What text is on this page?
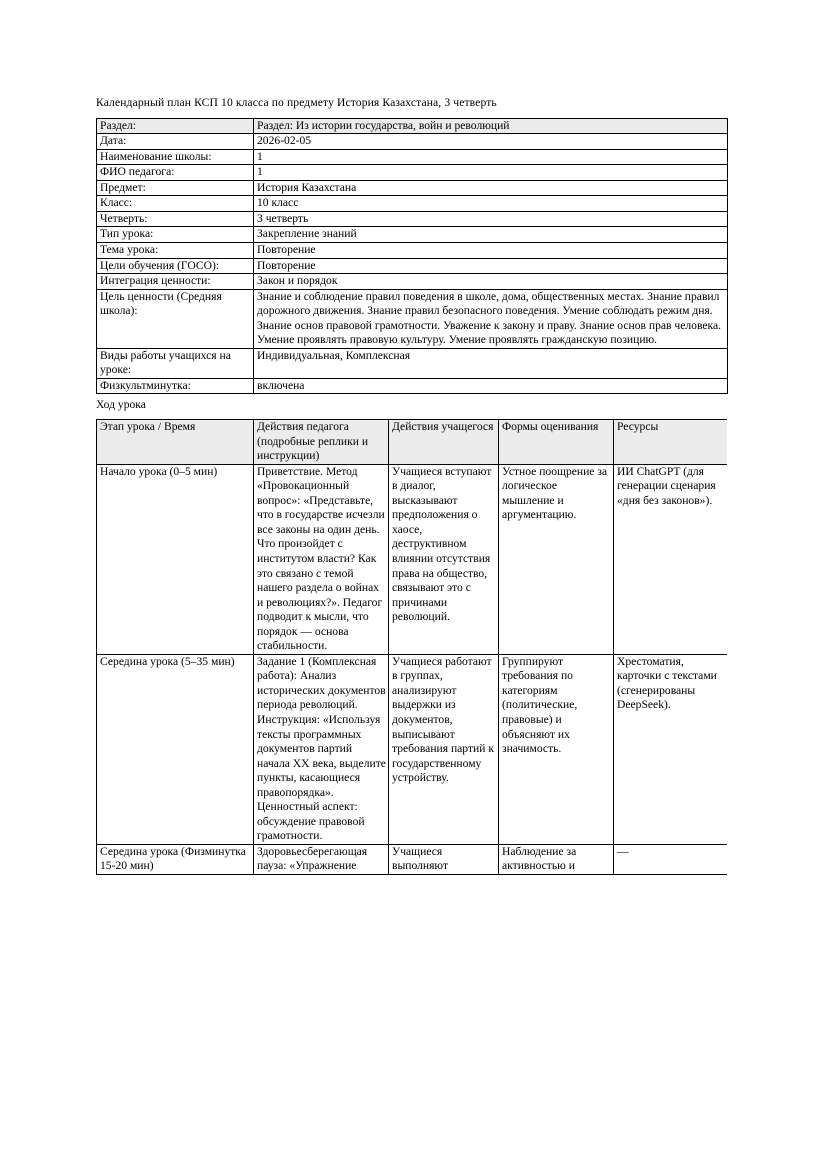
Календарный план КСП 10 класса по предмету История Казахстана, 3 четверть

Раздел:	Раздел: Из истории государства, войн и революций
Дата:	2026-02-05
Наименование школы:	1
ФИО педагога:	1
Предмет:	История Казахстана
Класс:	10 класс
Четверть:	3 четверть
Тип урока:	Закрепление знаний
Тема урока:	Повторение
Цели обучения (ГОСО):	Повторение
Интеграция ценности:	Закон и порядок
Цель ценности (Средняя школа):	Знание и соблюдение правил поведения в школе, дома, общественных местах. Знание правил дорожного движения. Знание правил безопасного поведения. Умение соблюдать режим дня. Знание основ правовой грамотности. Уважение к закону и праву. Знание основ прав человека. Умение проявлять правовую культуру. Умение проявлять гражданскую позицию.
Виды работы учащихся на уроке:	Индивидуальная, Комплексная
Физкультминутка:	включена

Ход урока

Этап урока / Время	Действия педагога (подробные реплики и инструкции)	Действия учащегося	Формы оценивания	Ресурсы
Начало урока (0–5 мин)	Приветствие. Метод «Провокационный вопрос»: «Представьте, что в государстве исчезли все законы на один день. Что произойдет с институтом власти? Как это связано с темой нашего раздела о войнах и революциях?». Педагог подводит к мысли, что порядок — основа стабильности.	Учащиеся вступают в диалог, высказывают предположения о хаосе, деструктивном влиянии отсутствия права на общество, связывают это с причинами революций.	Устное поощрение за логическое мышление и аргументацию.	ИИ ChatGPT (для генерации сценария «дня без законов»).
Середина урока (5–35 мин)	Задание 1 (Комплексная работа): Анализ исторических документов периода революций. Инструкция: «Используя тексты программных документов партий начала XX века, выделите пункты, касающиеся правопорядка». Ценностный аспект: обсуждение правовой грамотности.	Учащиеся работают в группах, анализируют выдержки из документов, выписывают требования партий к государственному устройству.	Группируют требования по категориям (политические, правовые) и объясняют их значимость.	Хрестоматия, карточки с текстами (сгенерированы DeepSeek).
Середина урока (Физминутка 15-20 мин)	Здоровьесберегающая пауза: «Упражнение	Учащиеся выполняют	Наблюдение за активностью и	—
